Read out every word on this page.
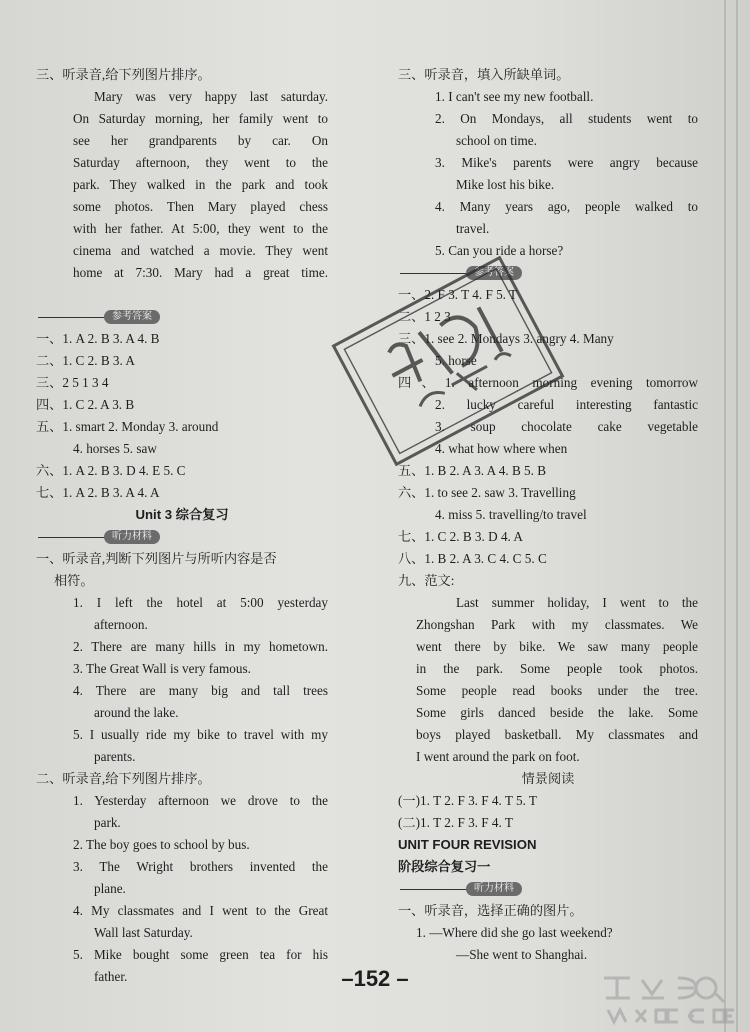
三、听录音,给下列图片排序。
Mary was very happy last saturday.
On Saturday morning, her family went to
see her grandparents by car. On
Saturday afternoon, they went to the
park. They walked in the park and took
some photos. Then Mary played chess
with her father. At 5:00, they went to the
cinema and watched a movie. They went
home at 7:30. Mary had a great time.
参考答案
一、1. A 2. B 3. A 4. B
二、1. C 2. B 3. A
三、2 5 1 3 4
四、1. C 2. A 3. B
五、1. smart 2. Monday 3. around
4. horses 5. saw
六、1. A 2. B 3. D 4. E 5. C
七、1. A 2. B 3. A 4. A
Unit 3 综合复习
听力材料
一、听录音,判断下列图片与所听内容是否
相符。
1. I left the hotel at 5:00 yesterday
afternoon.
2. There are many hills in my hometown.
3. The Great Wall is very famous.
4. There are many big and tall trees
around the lake.
5. I usually ride my bike to travel with my
parents.
二、听录音,给下列图片排序。
1. Yesterday afternoon we drove to the
park.
2. The boy goes to school by bus.
3. The Wright brothers invented the
plane.
4. My classmates and I went to the Great
Wall last Saturday.
5. Mike bought some green tea for his
father.
三、听录音，填入所缺单词。
1. I can't see my new football.
2. On Mondays, all students went to
school on time.
3. Mike's parents were angry because
Mike lost his bike.
4. Many years ago, people walked to
travel.
5. Can you ride a horse?
参考答案
一、2. F 3. T 4. F 5. T
二、1 2 3
三、1. see 2. Mondays 3. angry 4. Many
5. horse
四、1. afternoon morning evening tomorrow
2. lucky careful interesting fantastic
3. soup chocolate cake vegetable
4. what how where when
五、1. B 2. A 3. A 4. B 5. B
六、1. to see 2. saw 3. Travelling
4. miss 5. travelling/to travel
七、1. C 2. B 3. D 4. A
八、1. B 2. A 3. C 4. C 5. C
九、范文:
Last summer holiday, I went to the
Zhongshan Park with my classmates. We
went there by bike. We saw many people
in the park. Some people took photos.
Some people read books under the tree.
Some girls danced beside the lake. Some
boys played basketball. My classmates and
I went around the park on foot.
情景阅读
(一)1. T 2. F 3. F 4. T 5. T
(二)1. T 2. F 3. F 4. T
UNIT FOUR REVISION
阶段综合复习一
听力材料
一、听录音，选择正确的图片。
1. —Where did she go last weekend?
—She went to Shanghai.
–152 –
